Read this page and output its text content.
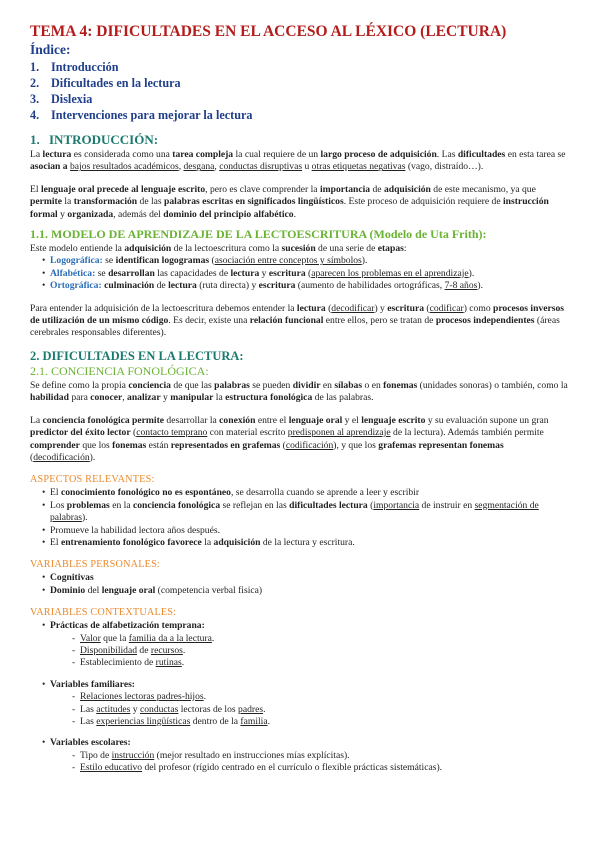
TEMA 4: DIFICULTADES EN EL ACCESO AL LÉXICO (LECTURA)
Índice:
1. Introducción
2. Dificultades en la lectura
3. Dislexia
4. Intervenciones para mejorar la lectura
1. INTRODUCCIÓN:

La lectura es considerada como una tarea compleja la cual requiere de un largo proceso de adquisición. Las dificultades en esta tarea se asocian a bajos resultados académicos, desgana, conductas disruptivas u otras etiquetas negativas (vago, distraído…).

El lenguaje oral precede al lenguaje escrito, pero es clave comprender la importancia de adquisición de este mecanismo, ya que permite la transformación de las palabras escritas en significados lingüísticos. Este proceso de adquisición requiere de instrucción formal y organizada, además del dominio del principio alfabético.

1.1. MODELO DE APRENDIZAJE DE LA LECTOESCRITURA (Modelo de Uta Frith):

Este modelo entiende la adquisición de la lectoescritura como la sucesión de una serie de etapas:

• Logográfica: se identifican logogramas (asociación entre conceptos y símbolos).
• Alfabética: se desarrollan las capacidades de lectura y escritura (aparecen los problemas en el aprendizaje).
• Ortográfica: culminación de lectura (ruta directa) y escritura (aumento de habilidades ortográficas, 7-8 años).

Para entender la adquisición de la lectoescritura debemos entender la lectura (decodificar) y escritura (codificar) como procesos inversos de utilización de un mismo código. Es decir, existe una relación funcional entre ellos, pero se tratan de procesos independientes (áreas cerebrales responsables diferentes).

2. DIFICULTADES EN LA LECTURA:
2.1. CONCIENCIA FONOLÓGICA:

Se define como la propia conciencia de que las palabras se pueden dividir en sílabas o en fonemas (unidades sonoras) o también, como la habilidad para conocer, analizar y manipular la estructura fonológica de las palabras.

La conciencia fonológica permite desarrollar la conexión entre el lenguaje oral y el lenguaje escrito y su evaluación supone un gran predictor del éxito lector (contacto temprano con material escrito predisponen al aprendizaje de la lectura). Además también permite comprender que los fonemas están representados en grafemas (codificación), y que los grafemas representan fonemas (decodificación).

ASPECTOS RELEVANTES:
• El conocimiento fonológico no es espontáneo, se desarrolla cuando se aprende a leer y escribir
• Los problemas en la conciencia fonológica se reflejan en las dificultades lectura (importancia de instruir en segmentación de palabras).
• Promueve la habilidad lectora años después.
• El entrenamiento fonológico favorece la adquisición de la lectura y escritura.
VARIABLES PERSONALES:
• Cognitivas
• Dominio del lenguaje oral (competencia verbal fisica)
VARIABLES CONTEXTUALES:
• Prácticas de alfabetización temprana:
- Valor que la familia da a la lectura.
- Disponibilidad de recursos.
- Establecimiento de rutinas.
• Variables familiares:
- Relaciones lectoras padres-hijos.
- Las actitudes y conductas lectoras de los padres.
- Las experiencias lingüísticas dentro de la familia.
• Variables escolares:
- Tipo de instrucción (mejor resultado en instrucciones mías explícitas).
- Estilo educativo del profesor (rígido centrado en el currículo o flexible prácticas sistemáticas).
